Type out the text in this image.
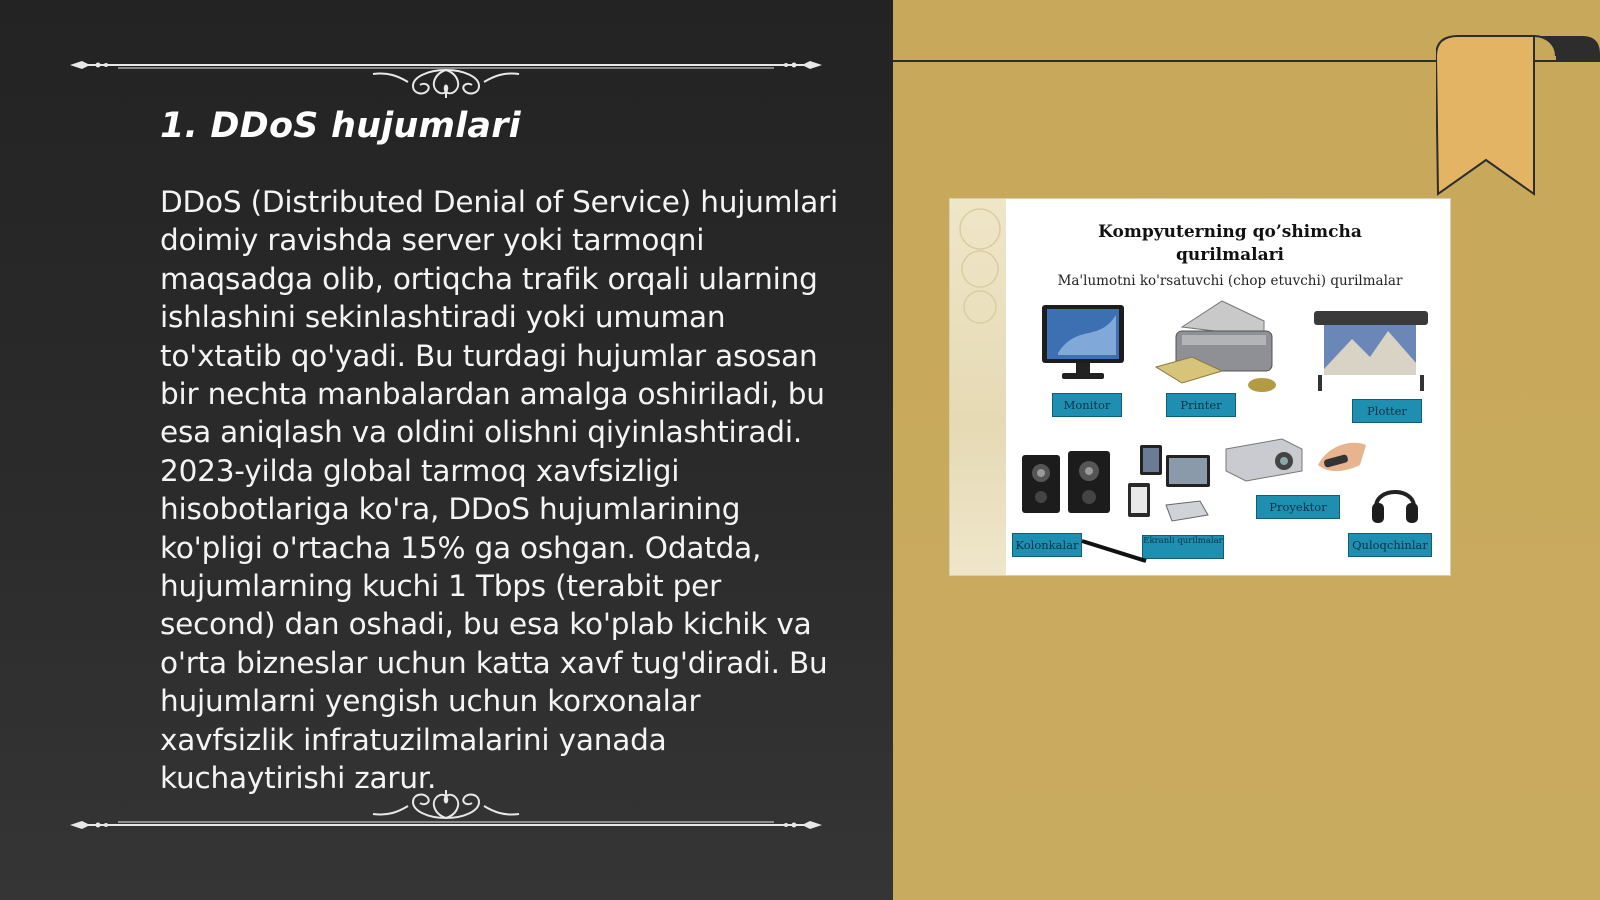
1. DDoS hujumlari

DDoS (Distributed Denial of Service) hujumlari doimiy ravishda server yoki tarmoqni maqsadga olib, ortiqcha trafik orqali ularning ishlashini sekinlashtiradi yoki umuman to'xtatib qo'yadi. Bu turdagi hujumlar asosan bir nechta manbalardan amalga oshiriladi, bu esa aniqlash va oldini olishni qiyinlashtiradi. 2023-yilda global tarmoq xavfsizligi hisobotlariga ko'ra, DDoS hujumlarining ko'pligi o'rtacha 15% ga oshgan. Odatda, hujumlarning kuchi 1 Tbps (terabit per second) dan oshadi, bu esa ko'plab kichik va o'rta bizneslar uchun katta xavf tug'diradi. Bu hujumlarni yengish uchun korxonalar xavfsizlik infratuzilmalarini yanada kuchaytirishi zarur.

Kompyuterning qo’shimcha qurilmalari
Ma'lumotni ko'rsatuvchi (chop etuvchi) qurilmalar
Monitor	Printer	Plotter
Kolonkalar	Ekranli qurilmalar
Proyektor
Quloqchinlar
